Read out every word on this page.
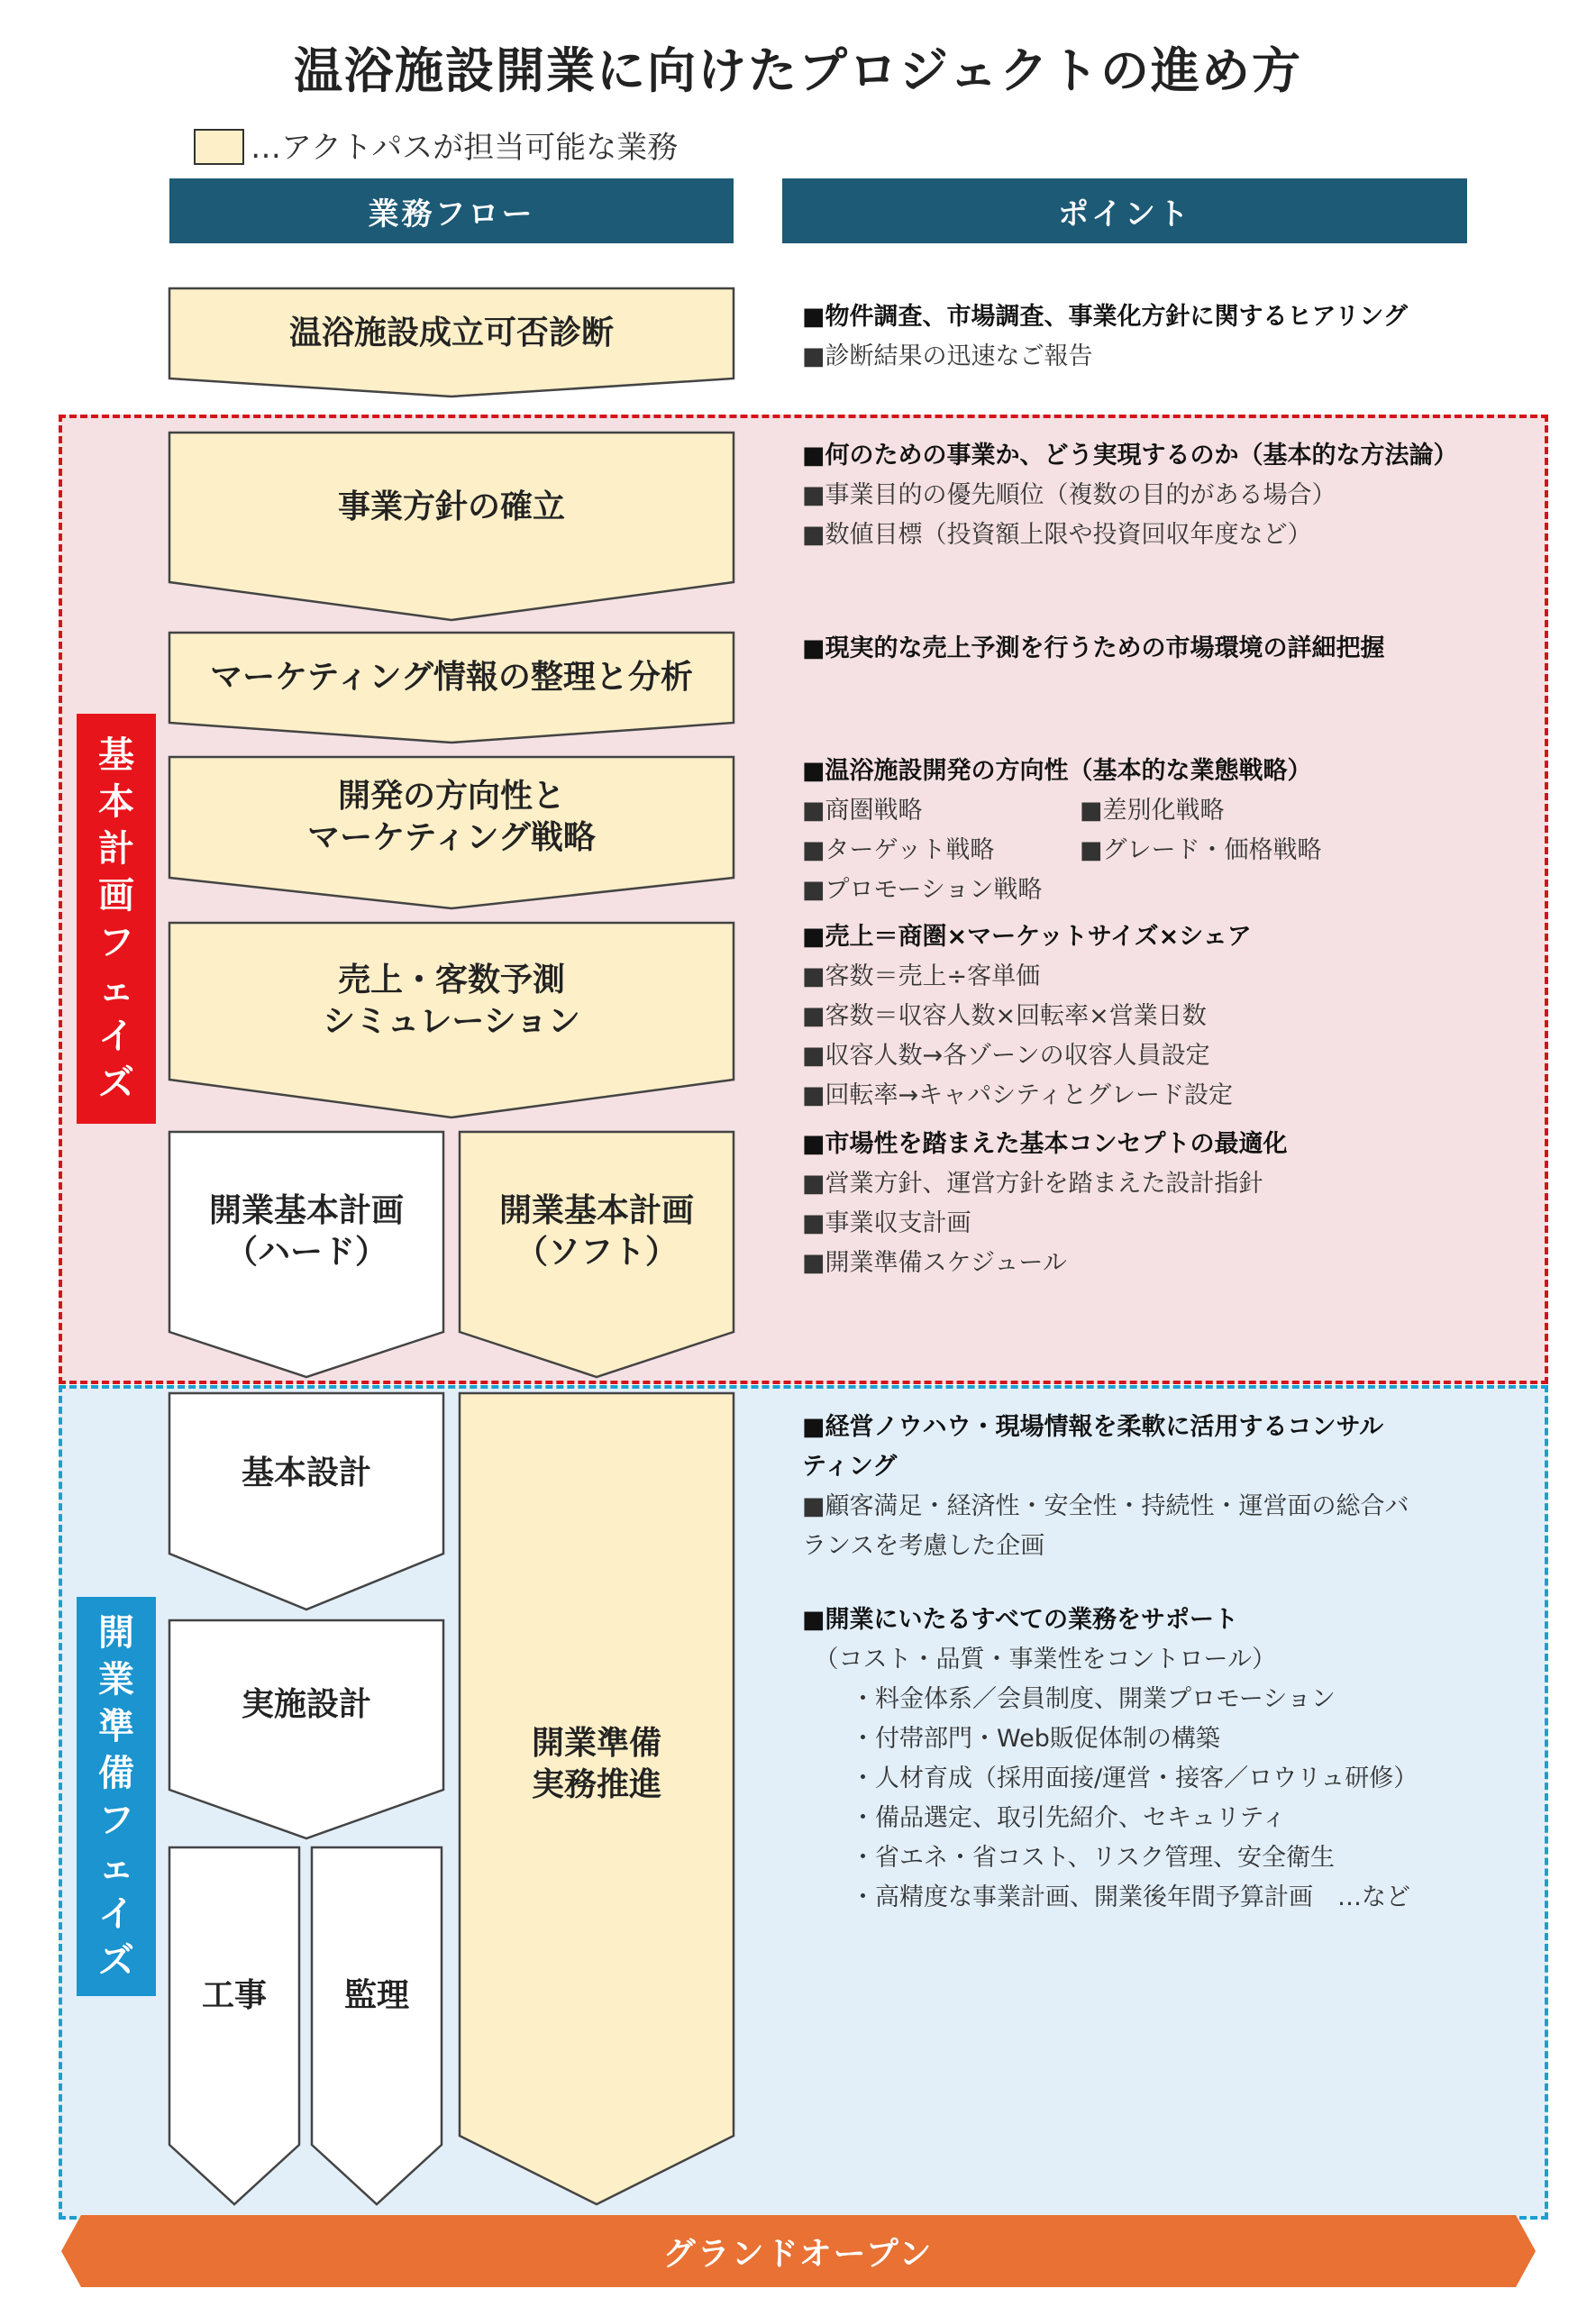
温浴施設開業に向けたプロジェクトの進め方
…アクトパスが担当可能な業務
業務フロー	ポイント
基本計画フェイズ
開業準備フェイズ
温浴施設成立可否診断
事業方針の確立
マーケティング情報の整理と分析
開発の方向性と
マーケティング戦略
売上・客数予測
シミュレーション
開業基本計画
（ハード）
開業基本計画
（ソフト）
基本設計
実施設計
工事	監理
開業準備
実務推進
■物件調査、市場調査、事業化方針に関するヒアリング
■診断結果の迅速なご報告
■何のための事業か、どう実現するのか（基本的な方法論）
■事業目的の優先順位（複数の目的がある場合）
■数値目標（投資額上限や投資回収年度など）
■現実的な売上予測を行うための市場環境の詳細把握
■温浴施設開発の方向性（基本的な業態戦略）
■商圏戦略
■ターゲット戦略
■プロモーション戦略
■差別化戦略
■グレード・価格戦略
■売上＝商圏×マーケットサイズ×シェア
■客数＝売上÷客単価
■客数＝収容人数×回転率×営業日数
■収容人数→各ゾーンの収容人員設定
■回転率→キャパシティとグレード設定
■市場性を踏まえた基本コンセプトの最適化
■営業方針、運営方針を踏まえた設計指針
■事業収支計画
■開業準備スケジュール
■経営ノウハウ・現場情報を柔軟に活用するコンサル
ティング
■顧客満足・経済性・安全性・持続性・運営面の総合バ
ランスを考慮した企画
■開業にいたるすべての業務をサポート
　（コスト・品質・事業性をコントロール）
　　・料金体系／会員制度、開業プロモーション
　　・付帯部門・Web販促体制の構築
　　・人材育成（採用面接/運営・接客／ロウリュ研修）
　　・備品選定、取引先紹介、セキュリティ
　　・省エネ・省コスト、リスク管理、安全衛生
　　・高精度な事業計画、開業後年間予算計画　…など
グランドオープン
